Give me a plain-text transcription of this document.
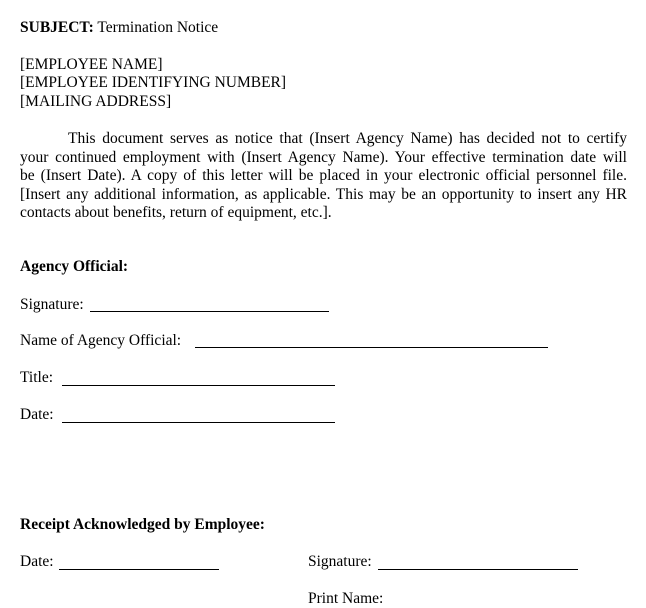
SUBJECT: Termination Notice
[EMPLOYEE NAME]
[EMPLOYEE IDENTIFYING NUMBER]
[MAILING ADDRESS]
This document serves as notice that (Insert Agency Name) has decided not to certify
your continued employment with (Insert Agency Name). Your effective termination date will
be (Insert Date). A copy of this letter will be placed in your electronic official personnel file.
[Insert any additional information, as applicable. This may be an opportunity to insert any HR
contacts about benefits, return of equipment, etc.].
Agency Official:
Signature:
Name of Agency Official:
Title:
Date:
Receipt Acknowledged by Employee:
Date:	Signature:
Print Name:
